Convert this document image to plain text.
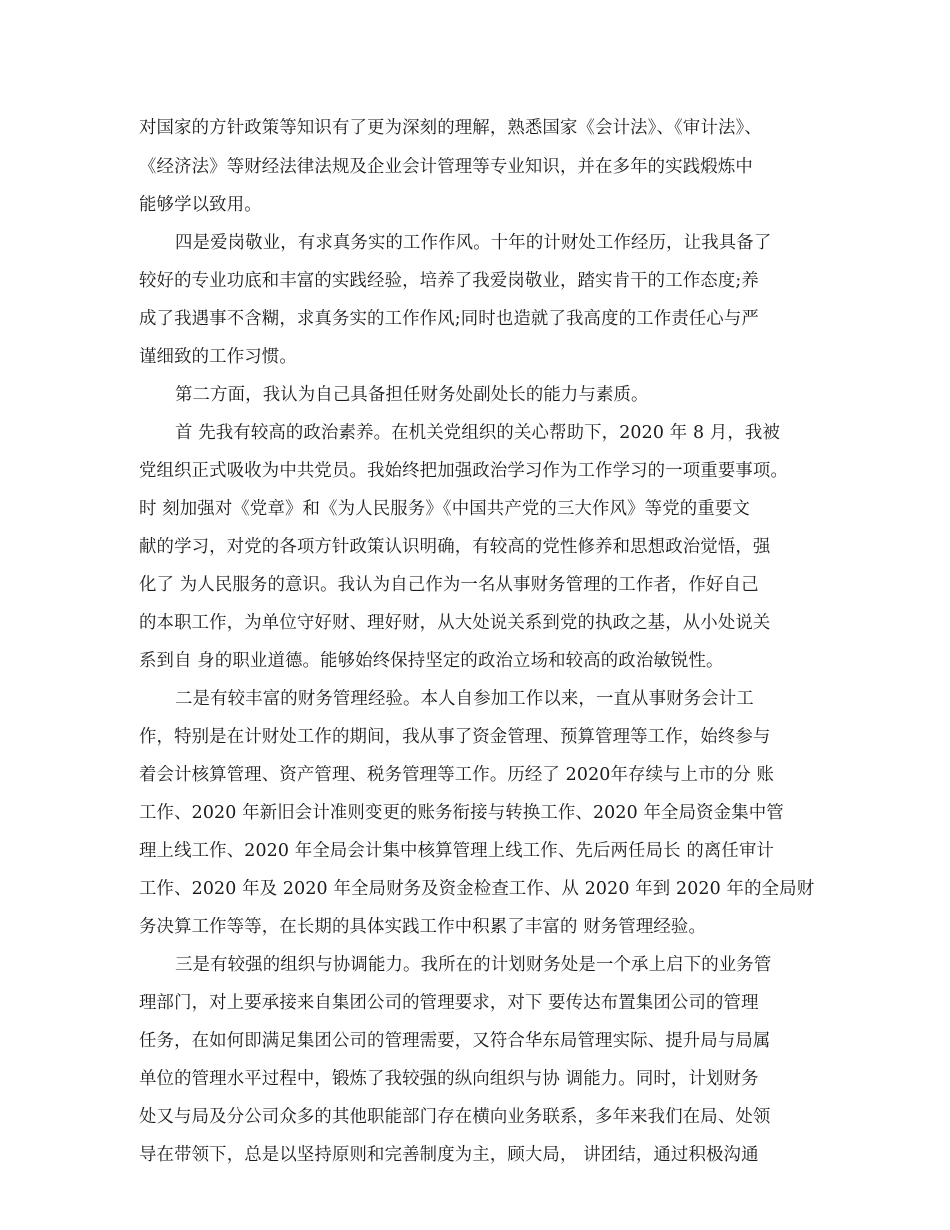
对国家的方针政策等知识有了更为深刻的理解，熟悉国家《会计法》、《审计法》、
《经济法》等财经法律法规及企业会计管理等专业知识，并在多年的实践煅炼中
能够学以致用。
四是爱岗敬业，有求真务实的工作作风。十年的计财处工作经历，让我具备了
较好的专业功底和丰富的实践经验，培养了我爱岗敬业，踏实肯干的工作态度;养
成了我遇事不含糊，求真务实的工作作风;同时也造就了我高度的工作责任心与严
谨细致的工作习惯。
第二方面，我认为自己具备担任财务处副处长的能力与素质。
首 先我有较高的政治素养。在机关党组织的关心帮助下，2020 年 8 月，我被
党组织正式吸收为中共党员。我始终把加强政治学习作为工作学习的一项重要事项。
时 刻加强对《党章》和《为人民服务》《中国共产党的三大作风》等党的重要文
献的学习，对党的各项方针政策认识明确，有较高的党性修养和思想政治觉悟，强
化了 为人民服务的意识。我认为自己作为一名从事财务管理的工作者，作好自己
的本职工作，为单位守好财、理好财，从大处说关系到党的执政之基，从小处说关
系到自 身的职业道德。能够始终保持坚定的政治立场和较高的政治敏锐性。
二是有较丰富的财务管理经验。本人自参加工作以来，一直从事财务会计工
作，特别是在计财处工作的期间，我从事了资金管理、预算管理等工作，始终参与
着会计核算管理、资产管理、税务管理等工作。历经了 2020年存续与上市的分 账
工作、2020 年新旧会计准则变更的账务衔接与转换工作、2020 年全局资金集中管
理上线工作、2020 年全局会计集中核算管理上线工作、先后两任局长 的离任审计
工作、2020 年及 2020 年全局财务及资金检查工作、从 2020 年到 2020 年的全局财
务决算工作等等，在长期的具体实践工作中积累了丰富的 财务管理经验。
三是有较强的组织与协调能力。我所在的计划财务处是一个承上启下的业务管
理部门，对上要承接来自集团公司的管理要求，对下 要传达布置集团公司的管理
任务，在如何即满足集团公司的管理需要，又符合华东局管理实际、提升局与局属
单位的管理水平过程中，锻炼了我较强的纵向组织与协 调能力。同时，计划财务
处又与局及分公司众多的其他职能部门存在横向业务联系，多年来我们在局、处领
导在带领下，总是以坚持原则和完善制度为主，顾大局， 讲团结，通过积极沟通
